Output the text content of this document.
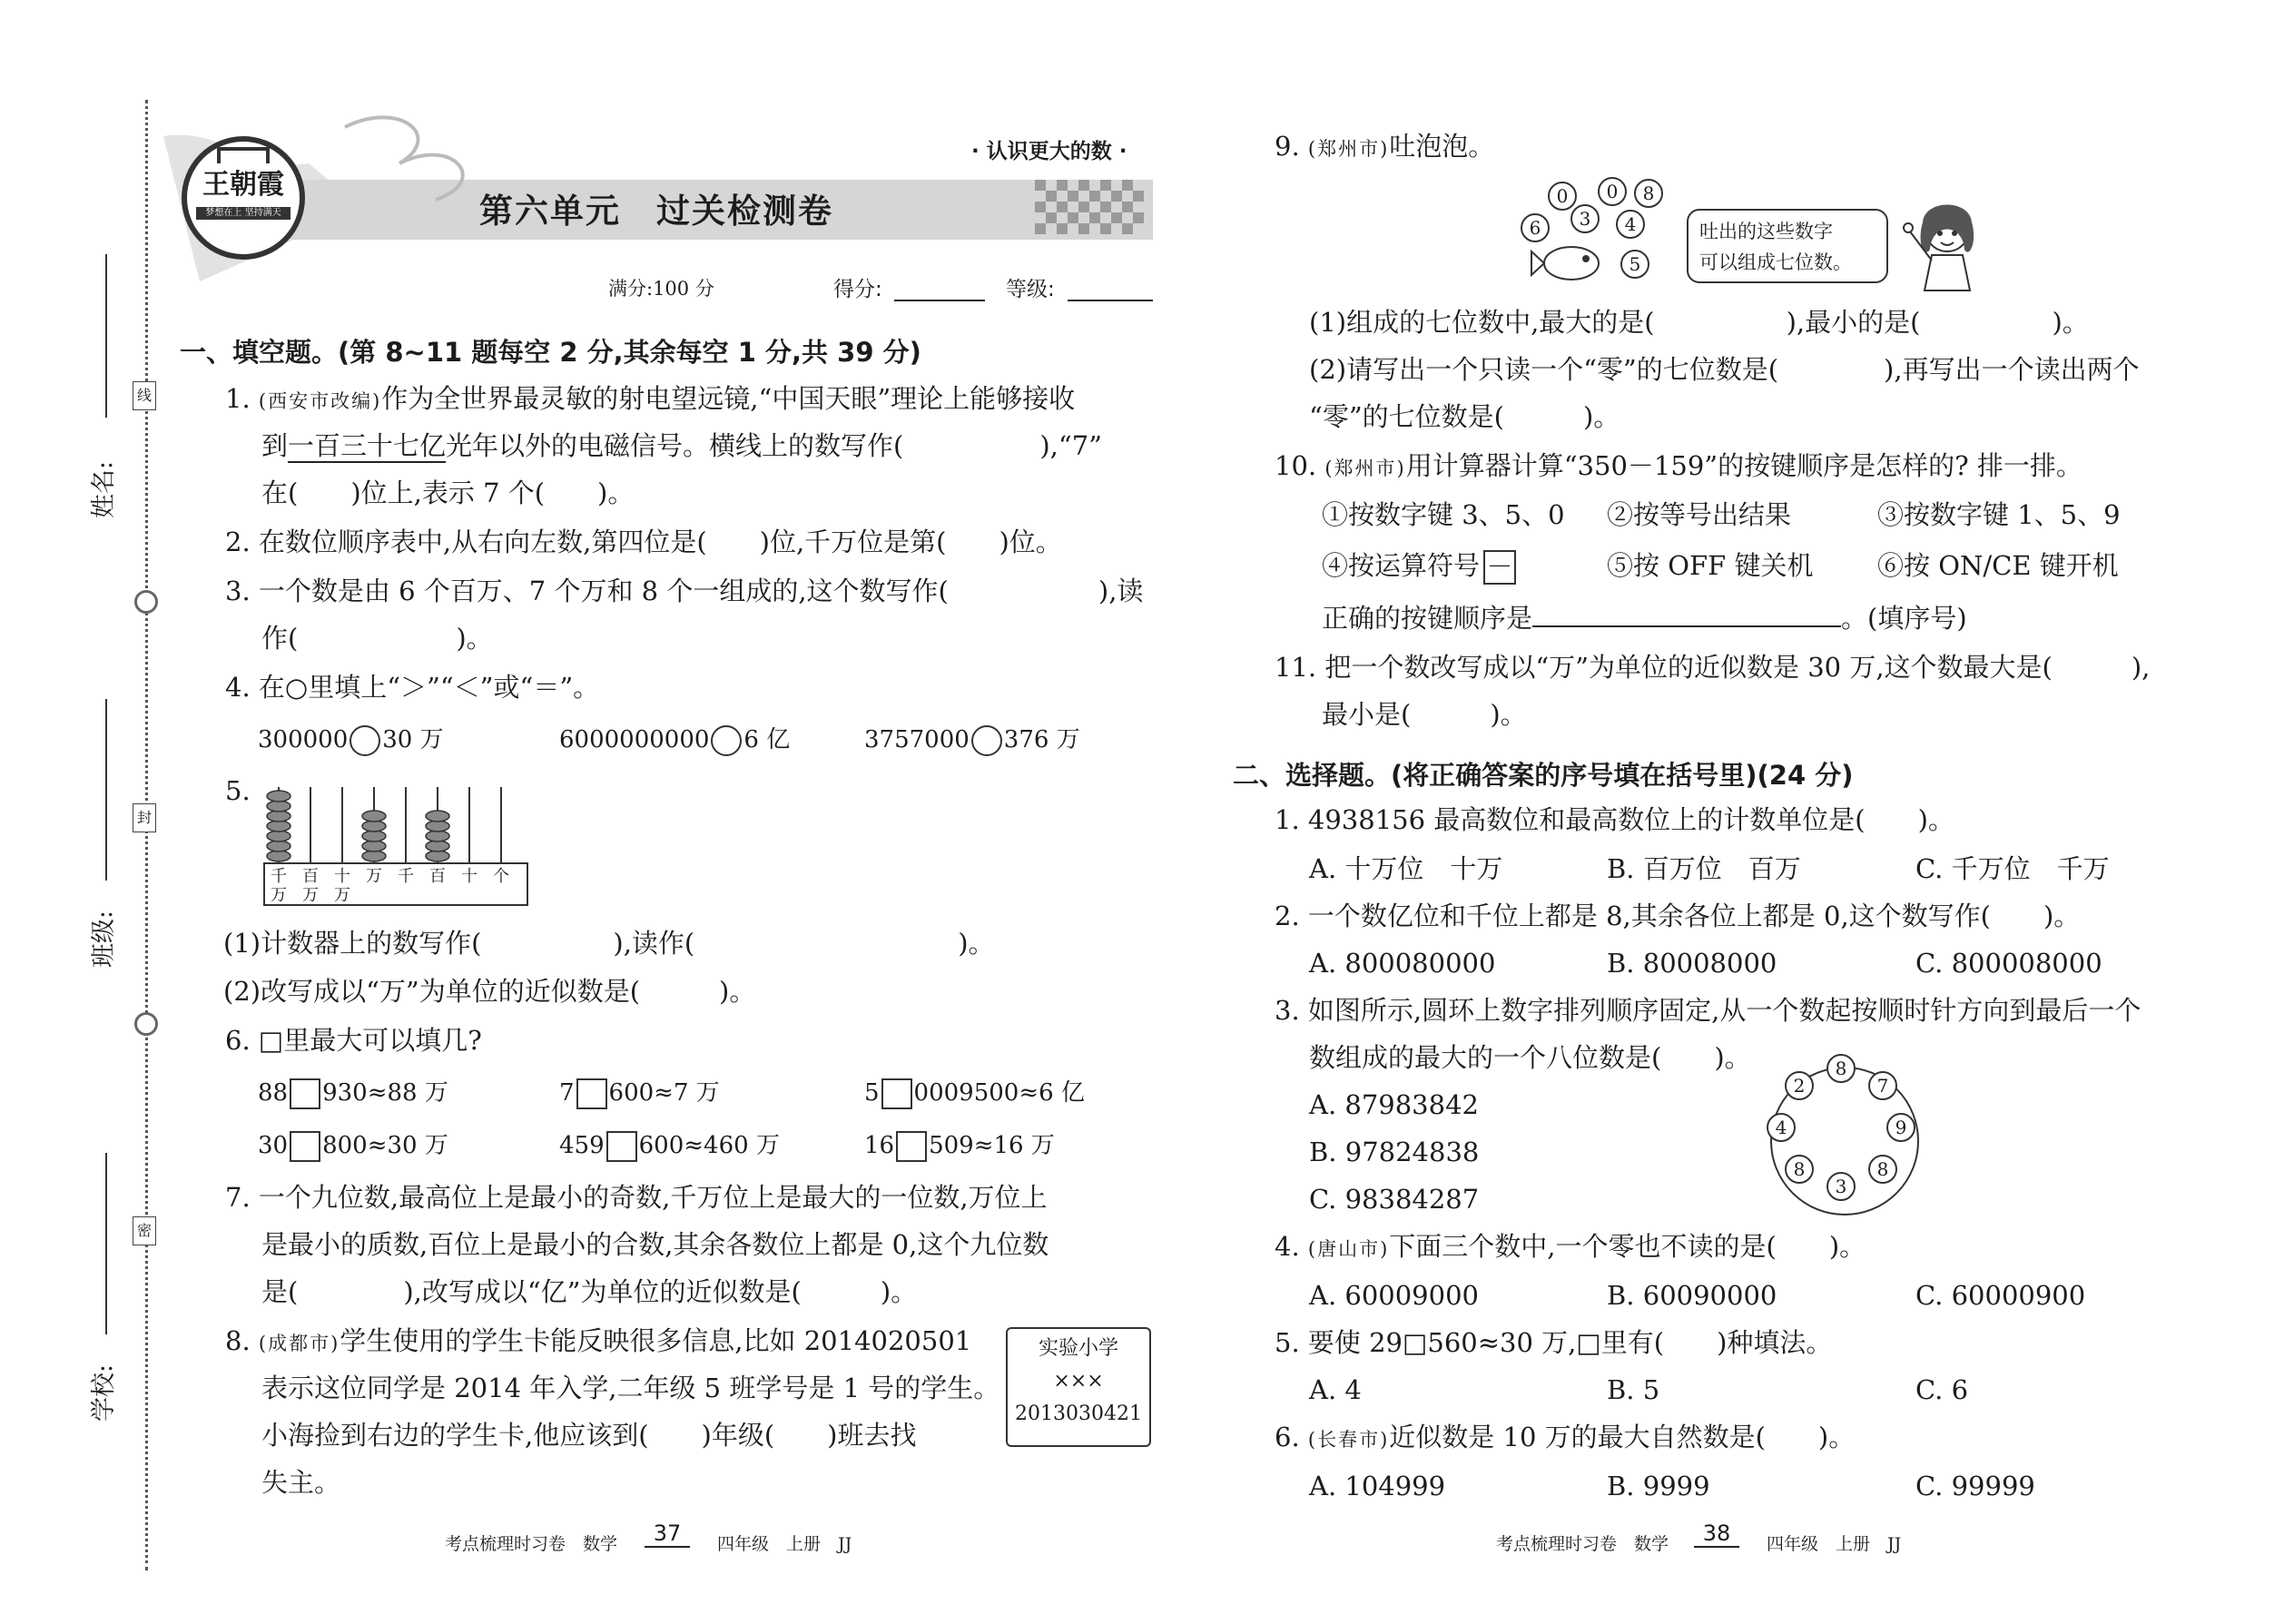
姓名:
班级:
学校:
线
封
密
王朝霞
梦想在上 坚持满天
· 认识更大的数 ·
第六单元　过关检测卷
满分:100 分	得分:	等级:
一、填空题。(第 8~11 题每空 2 分,其余每空 1 分,共 39 分)
1. (西安市改编)作为全世界最灵敏的射电望远镜,“中国天眼”理论上能够接收
到一百三十七亿光年以外的电磁信号。横线上的数写作(	),“7”
在(　　)位上,表示 7 个(　　)。
2. 在数位顺序表中,从右向左数,第四位是(　　)位,千万位是第(　　)位。
3. 一个数是由 6 个百万、7 个万和 8 个一组成的,这个数写作(	),读
作(　　　　　　)。
4. 在○里填上“＞”“＜”或“＝”。
300000 30 万	6000000000 6 亿	3757000 376 万
5.
千万
百万
十万
万 千 百 十 个
(1)计数器上的数写作(　　　　　),读作(　　　　　　　　　　)。
(2)改写成以“万”为单位的近似数是(　　　)。
6. □里最大可以填几?
88 930≈88 万	7 600≈7 万	5 0009500≈6 亿
30 800≈30 万	459 600≈460 万	16 509≈16 万
7. 一个九位数,最高位上是最小的奇数,千万位上是最大的一位数,万位上
是最小的质数,百位上是最小的合数,其余各数位上都是 0,这个九位数
是(　　　　),改写成以“亿”为单位的近似数是(　　　)。
8. (成都市)学生使用的学生卡能反映很多信息,比如 2014020501
表示这位同学是 2014 年入学,二年级 5 班学号是 1 号的学生。
小海捡到右边的学生卡,他应该到(　　)年级(　　)班去找
失主。
实验小学
×××
2013030421
考点梳理时习卷　数学	37	四年级　上册　JJ
9. (郑州市)吐泡泡。
0	0	8
6	3	4
5
吐出的这些数字
可以组成七位数。
(1)组成的七位数中,最大的是(　　　　　),最小的是(　　　　　)。
(2)请写出一个只读一个“零”的七位数是(　　　　),再写出一个读出两个
“零”的七位数是(　　　)。
10. (郑州市)用计算器计算“350－159”的按键顺序是怎样的? 排一排。
①按数字键 3、5、0 ②按等号出结果	③按数字键 1、5、9
④按运算符号 －	⑤按 OFF 键关机 ⑥按 ON/CE 键开机
正确的按键顺序是	。(填序号)
11. 把一个数改写成以“万”为单位的近似数是 30 万,这个数最大是(　　　),
最小是(　　　)。
二、选择题。(将正确答案的序号填在括号里)(24 分)
1. 4938156 最高数位和最高数位上的计数单位是(　　)。
A. 十万位　十万	B. 百万位　百万	C. 千万位　千万
2. 一个数亿位和千位上都是 8,其余各位上都是 0,这个数写作(　　)。
A. 800080000	B. 80008000	C. 800008000
3. 如图所示,圆环上数字排列顺序固定,从一个数起按顺时针方向到最后一个
数组成的最大的一个八位数是(　　)。
A. 87983842
B. 97824838
C. 98384287
8
7
9
8
3
8
4
2
4. (唐山市)下面三个数中,一个零也不读的是(　　)。
A. 60009000	B. 60090000	C. 60000900
5. 要使 29□560≈30 万,□里有(　　)种填法。
A. 4	B. 5	C. 6
6. (长春市)近似数是 10 万的最大自然数是(　　)。
A. 104999	B. 9999	C. 99999
考点梳理时习卷　数学	38	四年级　上册　JJ
